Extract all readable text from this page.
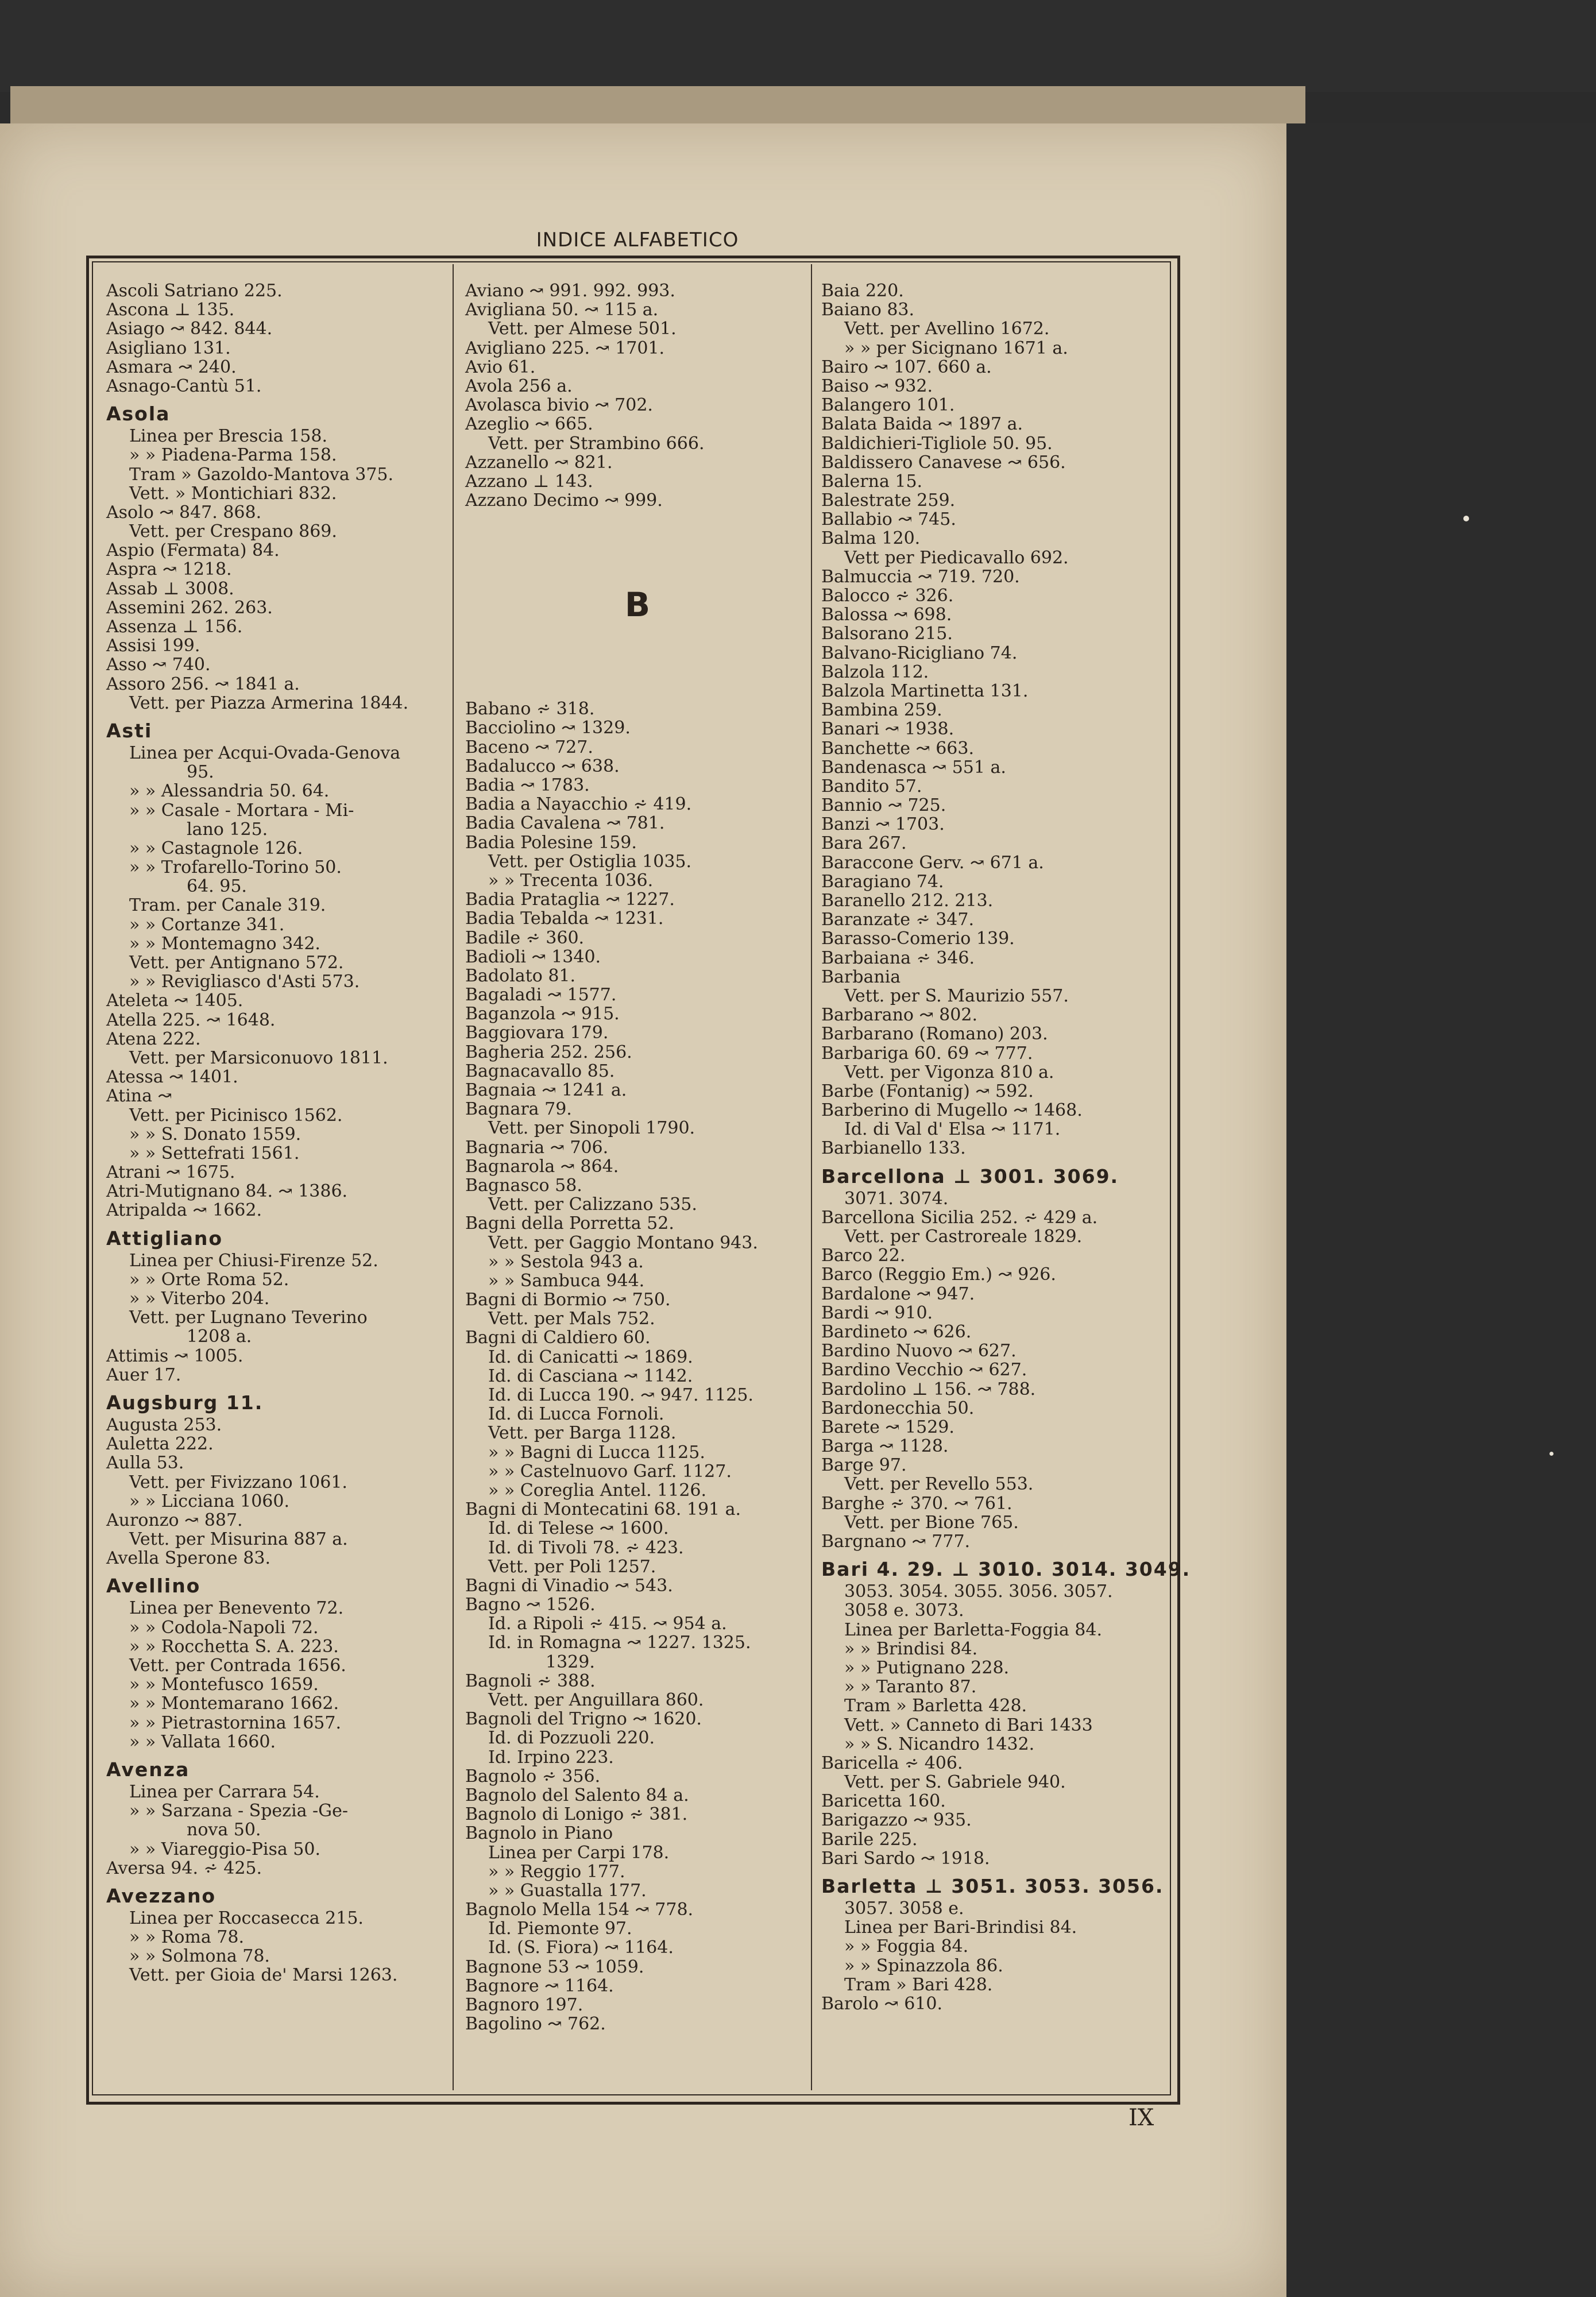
INDICE ALFABETICO
Ascoli Satriano 225.
Ascona ⊥ 135.
Asiago ↝ 842. 844.
Asigliano 131.
Asmara ↝ 240.
Asnago-Cantù 51.
Asola
Linea per Brescia 158.
» » Piadena-Parma 158.
Tram » Gazoldo-Mantova 375.
Vett. » Montichiari 832.
Asolo ↝ 847. 868.
Vett. per Crespano 869.
Aspio (Fermata) 84.
Aspra ↝ 1218.
Assab ⊥ 3008.
Assemini 262. 263.
Assenza ⊥ 156.
Assisi 199.
Asso ↝ 740.
Assoro 256. ↝ 1841 a.
Vett. per Piazza Armerina 1844.
Asti
Linea per Acqui-Ovada-Genova
95.
» » Alessandria 50. 64.
» » Casale - Mortara - Mi-
lano 125.
» » Castagnole 126.
» » Trofarello-Torino 50.
64. 95.
Tram. per Canale 319.
» » Cortanze 341.
» » Montemagno 342.
Vett. per Antignano 572.
» » Revigliasco d'Asti 573.
Ateleta ↝ 1405.
Atella 225. ↝ 1648.
Atena 222.
Vett. per Marsiconuovo 1811.
Atessa ↝ 1401.
Atina ↝
Vett. per Picinisco 1562.
» » S. Donato 1559.
» » Settefrati 1561.
Atrani ↝ 1675.
Atri-Mutignano 84. ↝ 1386.
Atripalda ↝ 1662.
Attigliano
Linea per Chiusi-Firenze 52.
» » Orte Roma 52.
» » Viterbo 204.
Vett. per Lugnano Teverino
1208 a.
Attimis ↝ 1005.
Auer 17.
Augsburg 11.
Augusta 253.
Auletta 222.
Aulla 53.
Vett. per Fivizzano 1061.
» » Licciana 1060.
Auronzo ↝ 887.
Vett. per Misurina 887 a.
Avella Sperone 83.
Avellino
Linea per Benevento 72.
» » Codola-Napoli 72.
» » Rocchetta S. A. 223.
Vett. per Contrada 1656.
» » Montefusco 1659.
» » Montemarano 1662.
» » Pietrastornina 1657.
» » Vallata 1660.
Avenza
Linea per Carrara 54.
» » Sarzana - Spezia -Ge-
nova 50.
» » Viareggio-Pisa 50.
Aversa 94. ⩫ 425.
Avezzano
Linea per Roccasecca 215.
» » Roma 78.
» » Solmona 78.
Vett. per Gioia de' Marsi 1263.
Aviano ↝ 991. 992. 993.
Avigliana 50. ↝ 115 a.
Vett. per Almese 501.
Avigliano 225. ↝ 1701.
Avio 61.
Avola 256 a.
Avolasca bivio ↝ 702.
Azeglio ↝ 665.
Vett. per Strambino 666.
Azzanello ↝ 821.
Azzano ⊥ 143.
Azzano Decimo ↝ 999.
B
Babano ⩫ 318.
Bacciolino ↝ 1329.
Baceno ↝ 727.
Badalucco ↝ 638.
Badia ↝ 1783.
Badia a Nayacchio ⩫ 419.
Badia Cavalena ↝ 781.
Badia Polesine 159.
Vett. per Ostiglia 1035.
» » Trecenta 1036.
Badia Prataglia ↝ 1227.
Badia Tebalda ↝ 1231.
Badile ⩫ 360.
Badioli ↝ 1340.
Badolato 81.
Bagaladi ↝ 1577.
Baganzola ↝ 915.
Baggiovara 179.
Bagheria 252. 256.
Bagnacavallo 85.
Bagnaia ↝ 1241 a.
Bagnara 79.
Vett. per Sinopoli 1790.
Bagnaria ↝ 706.
Bagnarola ↝ 864.
Bagnasco 58.
Vett. per Calizzano 535.
Bagni della Porretta 52.
Vett. per Gaggio Montano 943.
» » Sestola 943 a.
» » Sambuca 944.
Bagni di Bormio ↝ 750.
Vett. per Mals 752.
Bagni di Caldiero 60.
Id. di Canicatti ↝ 1869.
Id. di Casciana ↝ 1142.
Id. di Lucca 190. ↝ 947. 1125.
Id. di Lucca Fornoli.
Vett. per Barga 1128.
» » Bagni di Lucca 1125.
» » Castelnuovo Garf. 1127.
» » Coreglia Antel. 1126.
Bagni di Montecatini 68. 191 a.
Id. di Telese ↝ 1600.
Id. di Tivoli 78. ⩫ 423.
Vett. per Poli 1257.
Bagni di Vinadio ↝ 543.
Bagno ↝ 1526.
Id. a Ripoli ⩫ 415. ↝ 954 a.
Id. in Romagna ↝ 1227. 1325.
1329.
Bagnoli ⩫ 388.
Vett. per Anguillara 860.
Bagnoli del Trigno ↝ 1620.
Id. di Pozzuoli 220.
Id. Irpino 223.
Bagnolo ⩫ 356.
Bagnolo del Salento 84 a.
Bagnolo di Lonigo ⩫ 381.
Bagnolo in Piano
Linea per Carpi 178.
» » Reggio 177.
» » Guastalla 177.
Bagnolo Mella 154 ↝ 778.
Id. Piemonte 97.
Id. (S. Fiora) ↝ 1164.
Bagnone 53 ↝ 1059.
Bagnore ↝ 1164.
Bagnoro 197.
Bagolino ↝ 762.
Baia 220.
Baiano 83.
Vett. per Avellino 1672.
» » per Sicignano 1671 a.
Bairo ↝ 107. 660 a.
Baiso ↝ 932.
Balangero 101.
Balata Baida ↝ 1897 a.
Baldichieri-Tigliole 50. 95.
Baldissero Canavese ↝ 656.
Balerna 15.
Balestrate 259.
Ballabio ↝ 745.
Balma 120.
Vett per Piedicavallo 692.
Balmuccia ↝ 719. 720.
Balocco ⩫ 326.
Balossa ↝ 698.
Balsorano 215.
Balvano-Ricigliano 74.
Balzola 112.
Balzola Martinetta 131.
Bambina 259.
Banari ↝ 1938.
Banchette ↝ 663.
Bandenasca ↝ 551 a.
Bandito 57.
Bannio ↝ 725.
Banzi ↝ 1703.
Bara 267.
Baraccone Gerv. ↝ 671 a.
Baragiano 74.
Baranello 212. 213.
Baranzate ⩫ 347.
Barasso-Comerio 139.
Barbaiana ⩫ 346.
Barbania
Vett. per S. Maurizio 557.
Barbarano ↝ 802.
Barbarano (Romano) 203.
Barbariga 60. 69 ↝ 777.
Vett. per Vigonza 810 a.
Barbe (Fontanig) ↝ 592.
Barberino di Mugello ↝ 1468.
Id. di Val d' Elsa ↝ 1171.
Barbianello 133.
Barcellona ⊥ 3001. 3069.
3071. 3074.
Barcellona Sicilia 252. ⩫ 429 a.
Vett. per Castroreale 1829.
Barco 22.
Barco (Reggio Em.) ↝ 926.
Bardalone ↝ 947.
Bardi ↝ 910.
Bardineto ↝ 626.
Bardino Nuovo ↝ 627.
Bardino Vecchio ↝ 627.
Bardolino ⊥ 156. ↝ 788.
Bardonecchia 50.
Barete ↝ 1529.
Barga ↝ 1128.
Barge 97.
Vett. per Revello 553.
Barghe ⩫ 370. ↝ 761.
Vett. per Bione 765.
Bargnano ↝ 777.
Bari 4. 29. ⊥ 3010. 3014. 3049.
3053. 3054. 3055. 3056. 3057.
3058 e. 3073.
Linea per Barletta-Foggia 84.
» » Brindisi 84.
» » Putignano 228.
» » Taranto 87.
Tram » Barletta 428.
Vett. » Canneto di Bari 1433
» » S. Nicandro 1432.
Baricella ⩫ 406.
Vett. per S. Gabriele 940.
Baricetta 160.
Barigazzo ↝ 935.
Barile 225.
Bari Sardo ↝ 1918.
Barletta ⊥ 3051. 3053. 3056.
3057. 3058 e.
Linea per Bari-Brindisi 84.
» » Foggia 84.
» » Spinazzola 86.
Tram » Bari 428.
Barolo ↝ 610.
IX
